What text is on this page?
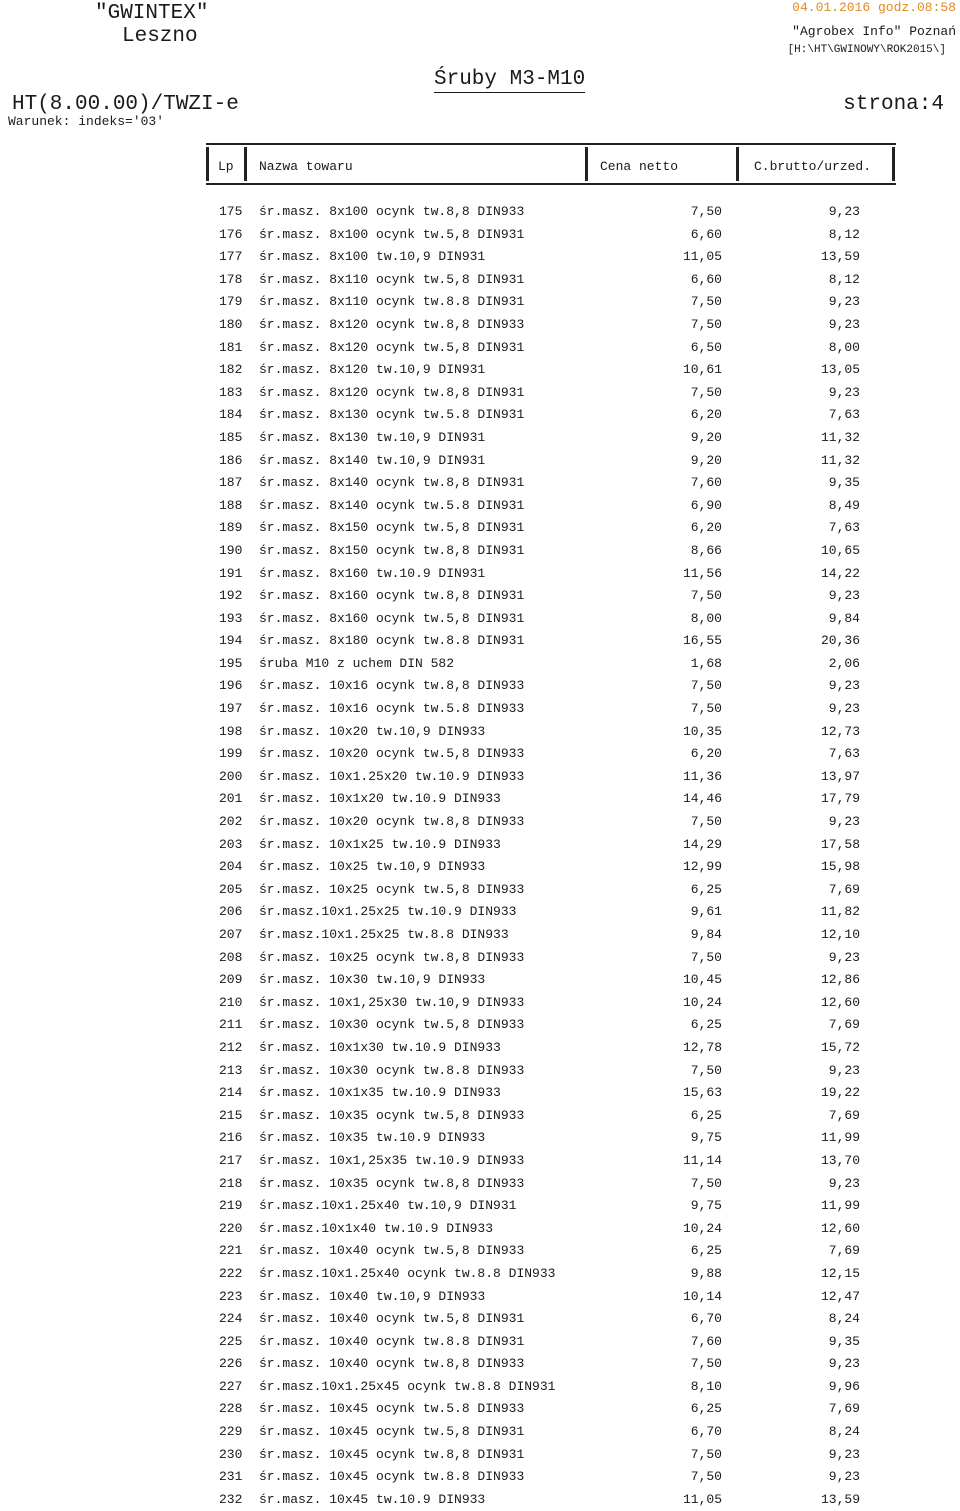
"GWINTEX"
Leszno
04.01.2016 godz.08:58
"Agrobex Info" Poznań
[H:\HT\GWINOWY\ROK2015\]
Śruby M3-M10
HT(8.00.00)/TWZI-e	strona:4
Warunek: indeks='03'
Lp Nazwa towaru	Cena netto	C.brutto/urzed.
175 śr.masz. 8x100 ocynk tw.8,8 DIN933	7,50	9,23
176 śr.masz. 8x100 ocynk tw.5,8 DIN931	6,60	8,12
177 śr.masz. 8x100 tw.10,9 DIN931	11,05	13,59
178 śr.masz. 8x110 ocynk tw.5,8 DIN931	6,60	8,12
179 śr.masz. 8x110 ocynk tw.8.8 DIN931	7,50	9,23
180 śr.masz. 8x120 ocynk tw.8,8 DIN933	7,50	9,23
181 śr.masz. 8x120 ocynk tw.5,8 DIN931	6,50	8,00
182 śr.masz. 8x120 tw.10,9 DIN931	10,61	13,05
183 śr.masz. 8x120 ocynk tw.8,8 DIN931	7,50	9,23
184 śr.masz. 8x130 ocynk tw.5.8 DIN931	6,20	7,63
185 śr.masz. 8x130 tw.10,9 DIN931	9,20	11,32
186 śr.masz. 8x140 tw.10,9 DIN931	9,20	11,32
187 śr.masz. 8x140 ocynk tw.8,8 DIN931	7,60	9,35
188 śr.masz. 8x140 ocynk tw.5.8 DIN931	6,90	8,49
189 śr.masz. 8x150 ocynk tw.5,8 DIN931	6,20	7,63
190 śr.masz. 8x150 ocynk tw.8,8 DIN931	8,66	10,65
191 śr.masz. 8x160 tw.10.9 DIN931	11,56	14,22
192 śr.masz. 8x160 ocynk tw.8,8 DIN931	7,50	9,23
193 śr.masz. 8x160 ocynk tw.5,8 DIN931	8,00	9,84
194 śr.masz. 8x180 ocynk tw.8.8 DIN931	16,55	20,36
195 śruba M10 z uchem DIN 582	1,68	2,06
196 śr.masz. 10x16 ocynk tw.8,8 DIN933	7,50	9,23
197 śr.masz. 10x16 ocynk tw.5.8 DIN933	7,50	9,23
198 śr.masz. 10x20 tw.10,9 DIN933	10,35	12,73
199 śr.masz. 10x20 ocynk tw.5,8 DIN933	6,20	7,63
200 śr.masz. 10x1.25x20 tw.10.9 DIN933	11,36	13,97
201 śr.masz. 10x1x20 tw.10.9 DIN933	14,46	17,79
202 śr.masz. 10x20 ocynk tw.8,8 DIN933	7,50	9,23
203 śr.masz. 10x1x25 tw.10.9 DIN933	14,29	17,58
204 śr.masz. 10x25 tw.10,9 DIN933	12,99	15,98
205 śr.masz. 10x25 ocynk tw.5,8 DIN933	6,25	7,69
206 śr.masz.10x1.25x25 tw.10.9 DIN933	9,61	11,82
207 śr.masz.10x1.25x25 tw.8.8 DIN933	9,84	12,10
208 śr.masz. 10x25 ocynk tw.8,8 DIN933	7,50	9,23
209 śr.masz. 10x30 tw.10,9 DIN933	10,45	12,86
210 śr.masz. 10x1,25x30 tw.10,9 DIN933	10,24	12,60
211 śr.masz. 10x30 ocynk tw.5,8 DIN933	6,25	7,69
212 śr.masz. 10x1x30 tw.10.9 DIN933	12,78	15,72
213 śr.masz. 10x30 ocynk tw.8.8 DIN933	7,50	9,23
214 śr.masz. 10x1x35 tw.10.9 DIN933	15,63	19,22
215 śr.masz. 10x35 ocynk tw.5,8 DIN933	6,25	7,69
216 śr.masz. 10x35 tw.10.9 DIN933	9,75	11,99
217 śr.masz. 10x1,25x35 tw.10.9 DIN933	11,14	13,70
218 śr.masz. 10x35 ocynk tw.8,8 DIN933	7,50	9,23
219 śr.masz.10x1.25x40 tw.10,9 DIN931	9,75	11,99
220 śr.masz.10x1x40 tw.10.9 DIN933	10,24	12,60
221 śr.masz. 10x40 ocynk tw.5,8 DIN933	6,25	7,69
222 śr.masz.10x1.25x40 ocynk tw.8.8 DIN933	9,88	12,15
223 śr.masz. 10x40 tw.10,9 DIN933	10,14	12,47
224 śr.masz. 10x40 ocynk tw.5,8 DIN931	6,70	8,24
225 śr.masz. 10x40 ocynk tw.8.8 DIN931	7,60	9,35
226 śr.masz. 10x40 ocynk tw.8,8 DIN933	7,50	9,23
227 śr.masz.10x1.25x45 ocynk tw.8.8 DIN931	8,10	9,96
228 śr.masz. 10x45 ocynk tw.5.8 DIN933	6,25	7,69
229 śr.masz. 10x45 ocynk tw.5,8 DIN931	6,70	8,24
230 śr.masz. 10x45 ocynk tw.8,8 DIN931	7,50	9,23
231 śr.masz. 10x45 ocynk tw.8.8 DIN933	7,50	9,23
232 śr.masz. 10x45 tw.10.9 DIN933	11,05	13,59
